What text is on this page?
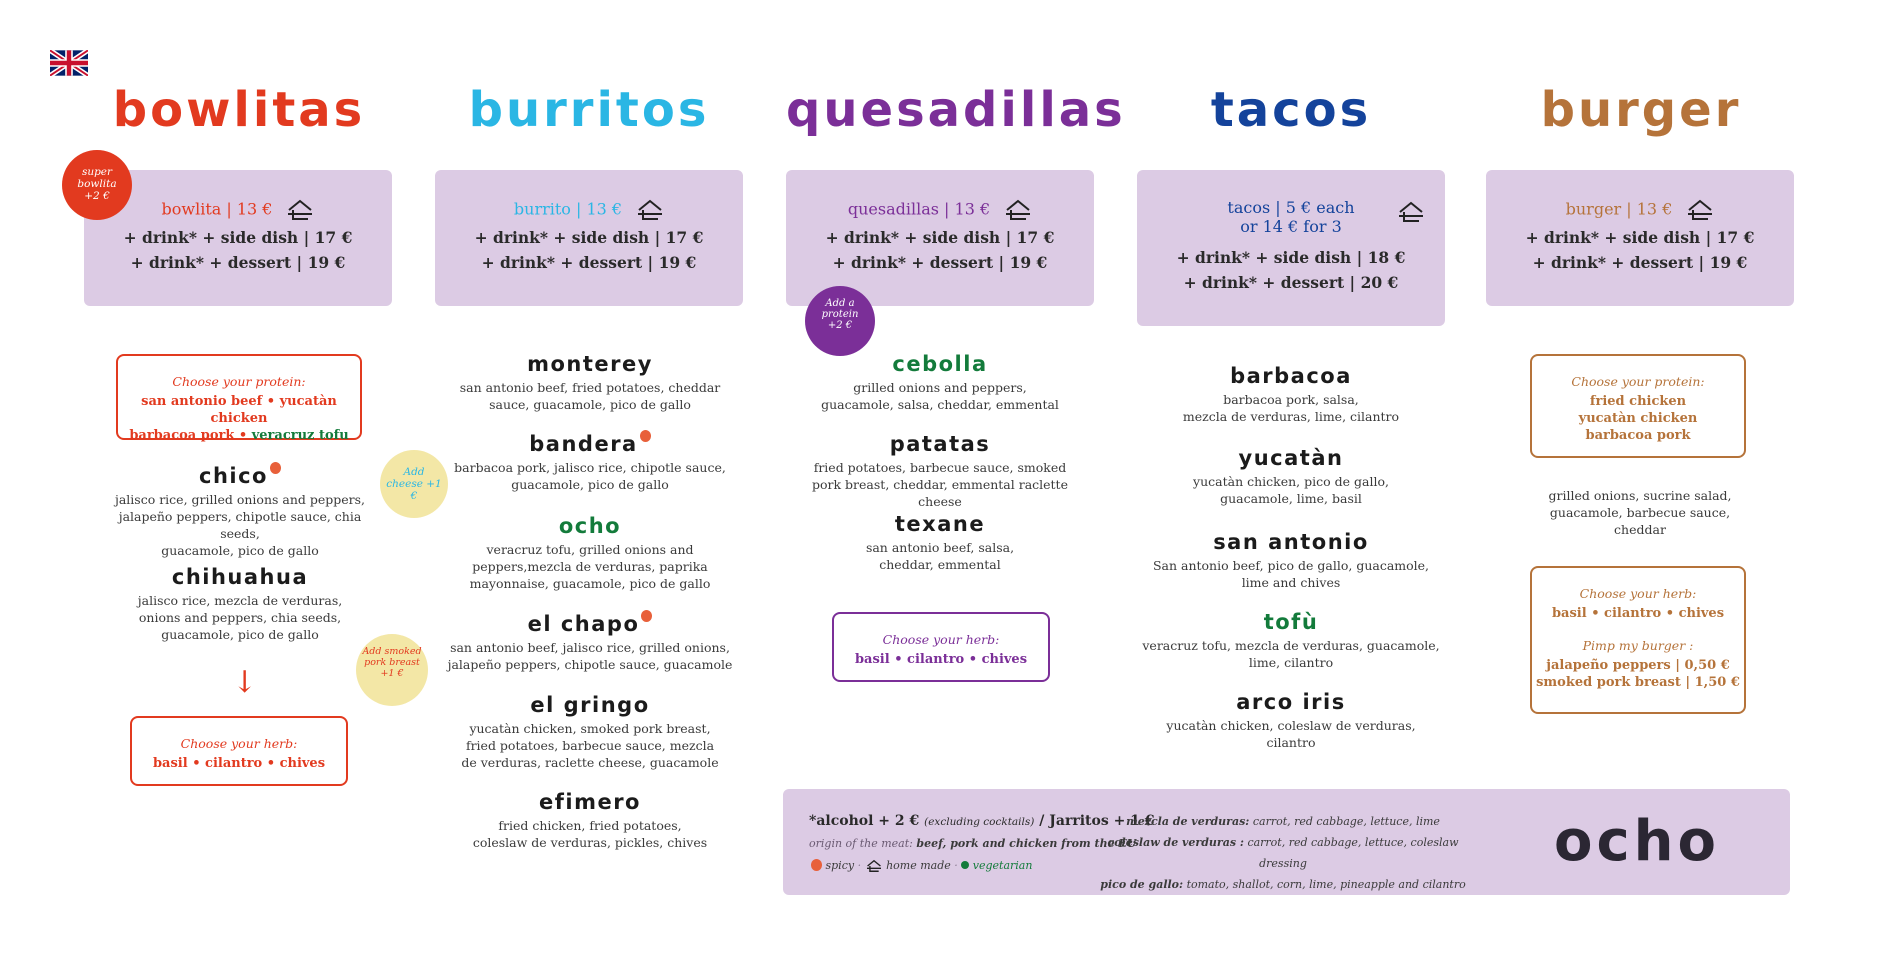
bowlitas
bowlita | 13 €
+ drink* + side dish | 17 €
+ drink* + dessert | 19 €
super bowlita +2 €
Choose your protein:
san antonio beef • yucatàn chicken
barbacoa pork • veracruz tofu
Add cheese +1 €
chico
jalisco rice, grilled onions and peppers,
jalapeño peppers, chipotle sauce, chia seeds,
guacamole, pico de gallo
chihuahua
jalisco rice, mezcla de verduras,
onions and peppers, chia seeds,
guacamole, pico de gallo
Add smoked pork breast +1 €
↓
Choose your herb:
basil • cilantro • chives
burritos
burrito | 13 €
+ drink* + side dish | 17 €
+ drink* + dessert | 19 €
monterey
san antonio beef, fried potatoes, cheddar
sauce, guacamole, pico de gallo
bandera
barbacoa pork, jalisco rice, chipotle sauce,
guacamole, pico de gallo
ocho
veracruz tofu, grilled onions and
peppers,mezcla de verduras, paprika
mayonnaise, guacamole, pico de gallo
el chapo
san antonio beef, jalisco rice, grilled onions,
jalapeño peppers, chipotle sauce, guacamole
el gringo
yucatàn chicken, smoked pork breast,
fried potatoes, barbecue sauce, mezcla
de verduras, raclette cheese, guacamole
efimero
fried chicken, fried potatoes,
coleslaw de verduras, pickles, chives
quesadillas
quesadillas | 13 €
+ drink* + side dish | 17 €
+ drink* + dessert | 19 €
Add a protein +2 €
cebolla
grilled onions and peppers,
guacamole, salsa, cheddar, emmental
patatas
fried potatoes, barbecue sauce, smoked
pork breast, cheddar, emmental raclette cheese
texane
san antonio beef, salsa,
cheddar, emmental
Choose your herb:
basil • cilantro • chives
tacos
tacos | 5 € each
or 14 € for 3
+ drink* + side dish | 18 €
+ drink* + dessert | 20 €
barbacoa
barbacoa pork, salsa,
mezcla de verduras, lime, cilantro
yucatàn
yucatàn chicken, pico de gallo,
guacamole, lime, basil
san antonio
San antonio beef, pico de gallo, guacamole,
lime and chives
tofù
veracruz tofu, mezcla de verduras, guacamole,
lime, cilantro
arco iris
yucatàn chicken, coleslaw de verduras, cilantro
burger
burger | 13 €
+ drink* + side dish | 17 €
+ drink* + dessert | 19 €
Choose your protein:
fried chicken
yucatàn chicken
barbacoa pork
grilled onions, sucrine salad,
guacamole, barbecue sauce,
cheddar
Choose your herb:
basil • cilantro • chives
Pimp my burger :
jalapeño peppers | 0,50 €
smoked pork breast | 1,50 €
*alcohol + 2 € (excluding cocktails) / Jarritos + 1 €
origin of the meat: beef, pork and chicken from the EU
spicy ·  home made ·  vegetarian
mezcla de verduras: carrot, red cabbage, lettuce, lime
coleslaw de verduras : carrot, red cabbage, lettuce, coleslaw dressing
pico de gallo: tomato, shallot, corn, lime, pineapple and cilantro
ocho
